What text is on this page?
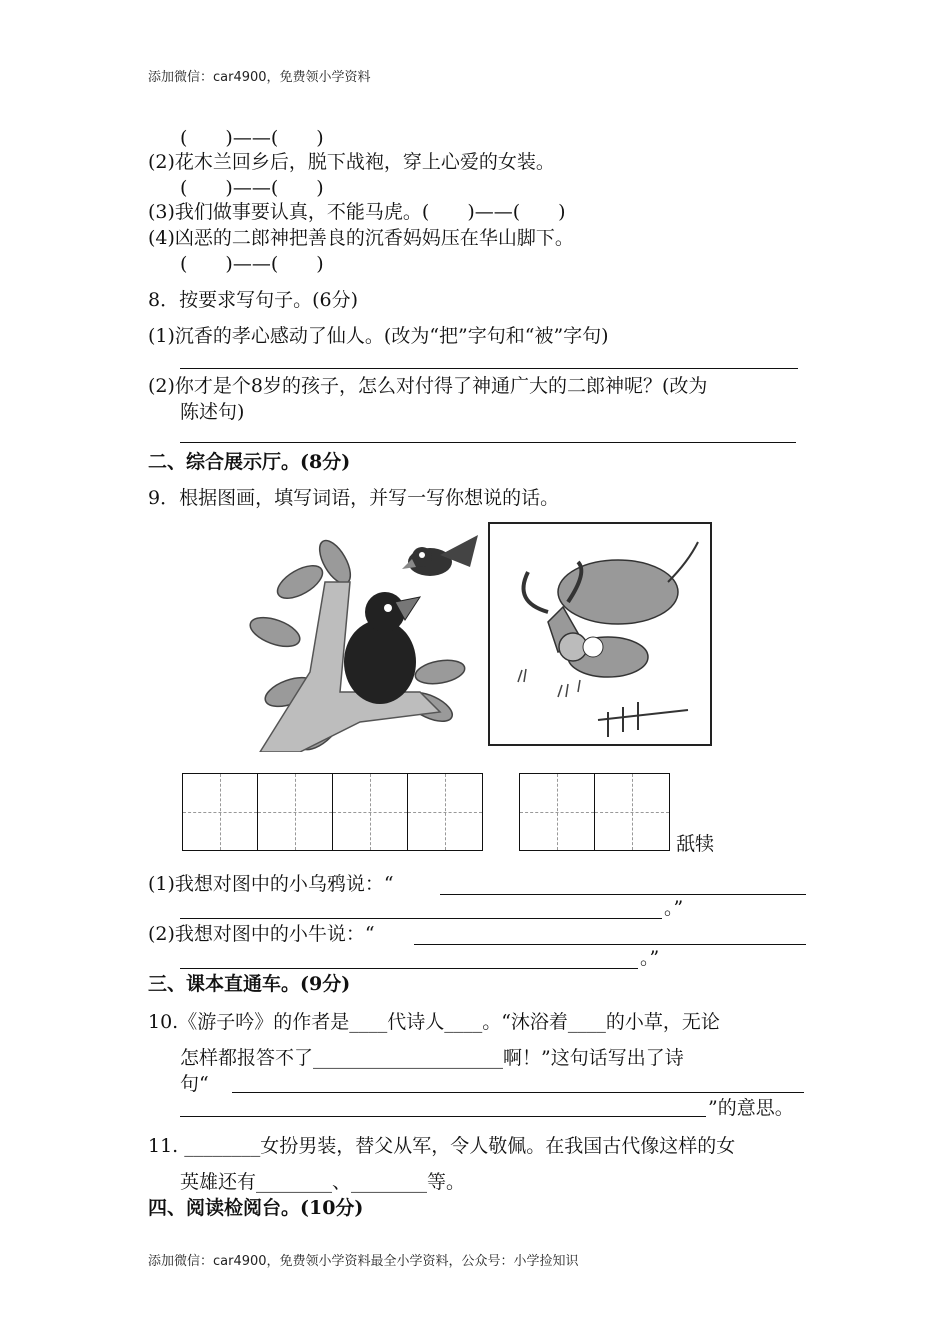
添加微信：car4900，免费领小学资料
(　　)——(　　)
(2)花木兰回乡后，脱下战袍，穿上心爱的女装。
(　　)——(　　)
(3)我们做事要认真，不能马虎。(　　)——(　　)
(4)凶恶的二郎神把善良的沉香妈妈压在华山脚下。
(　　)——(　　)
8．按要求写句子。(6分)
(1)沉香的孝心感动了仙人。(改为“把”字句和“被”字句)
(2)你才是个8岁的孩子，怎么对付得了神通广大的二郎神呢？(改为
陈述句)
二、综合展示厅。(8分)
9．根据图画，填写词语，并写一写你想说的话。
舐犊
(1)我想对图中的小乌鸦说：“
。”
(2)我想对图中的小牛说：“
。”
三、课本直通车。(9分)
10.《游子吟》的作者是____代诗人____。“沐浴着____的小草，无论
怎样都报答不了____________________啊！”这句话写出了诗
句“
”的意思。
11. ________女扮男装，替父从军，令人敬佩。在我国古代像这样的女
英雄还有________、________等。
四、阅读检阅台。(10分)
添加微信：car4900，免费领小学资料最全小学资料，公众号：小学捡知识
